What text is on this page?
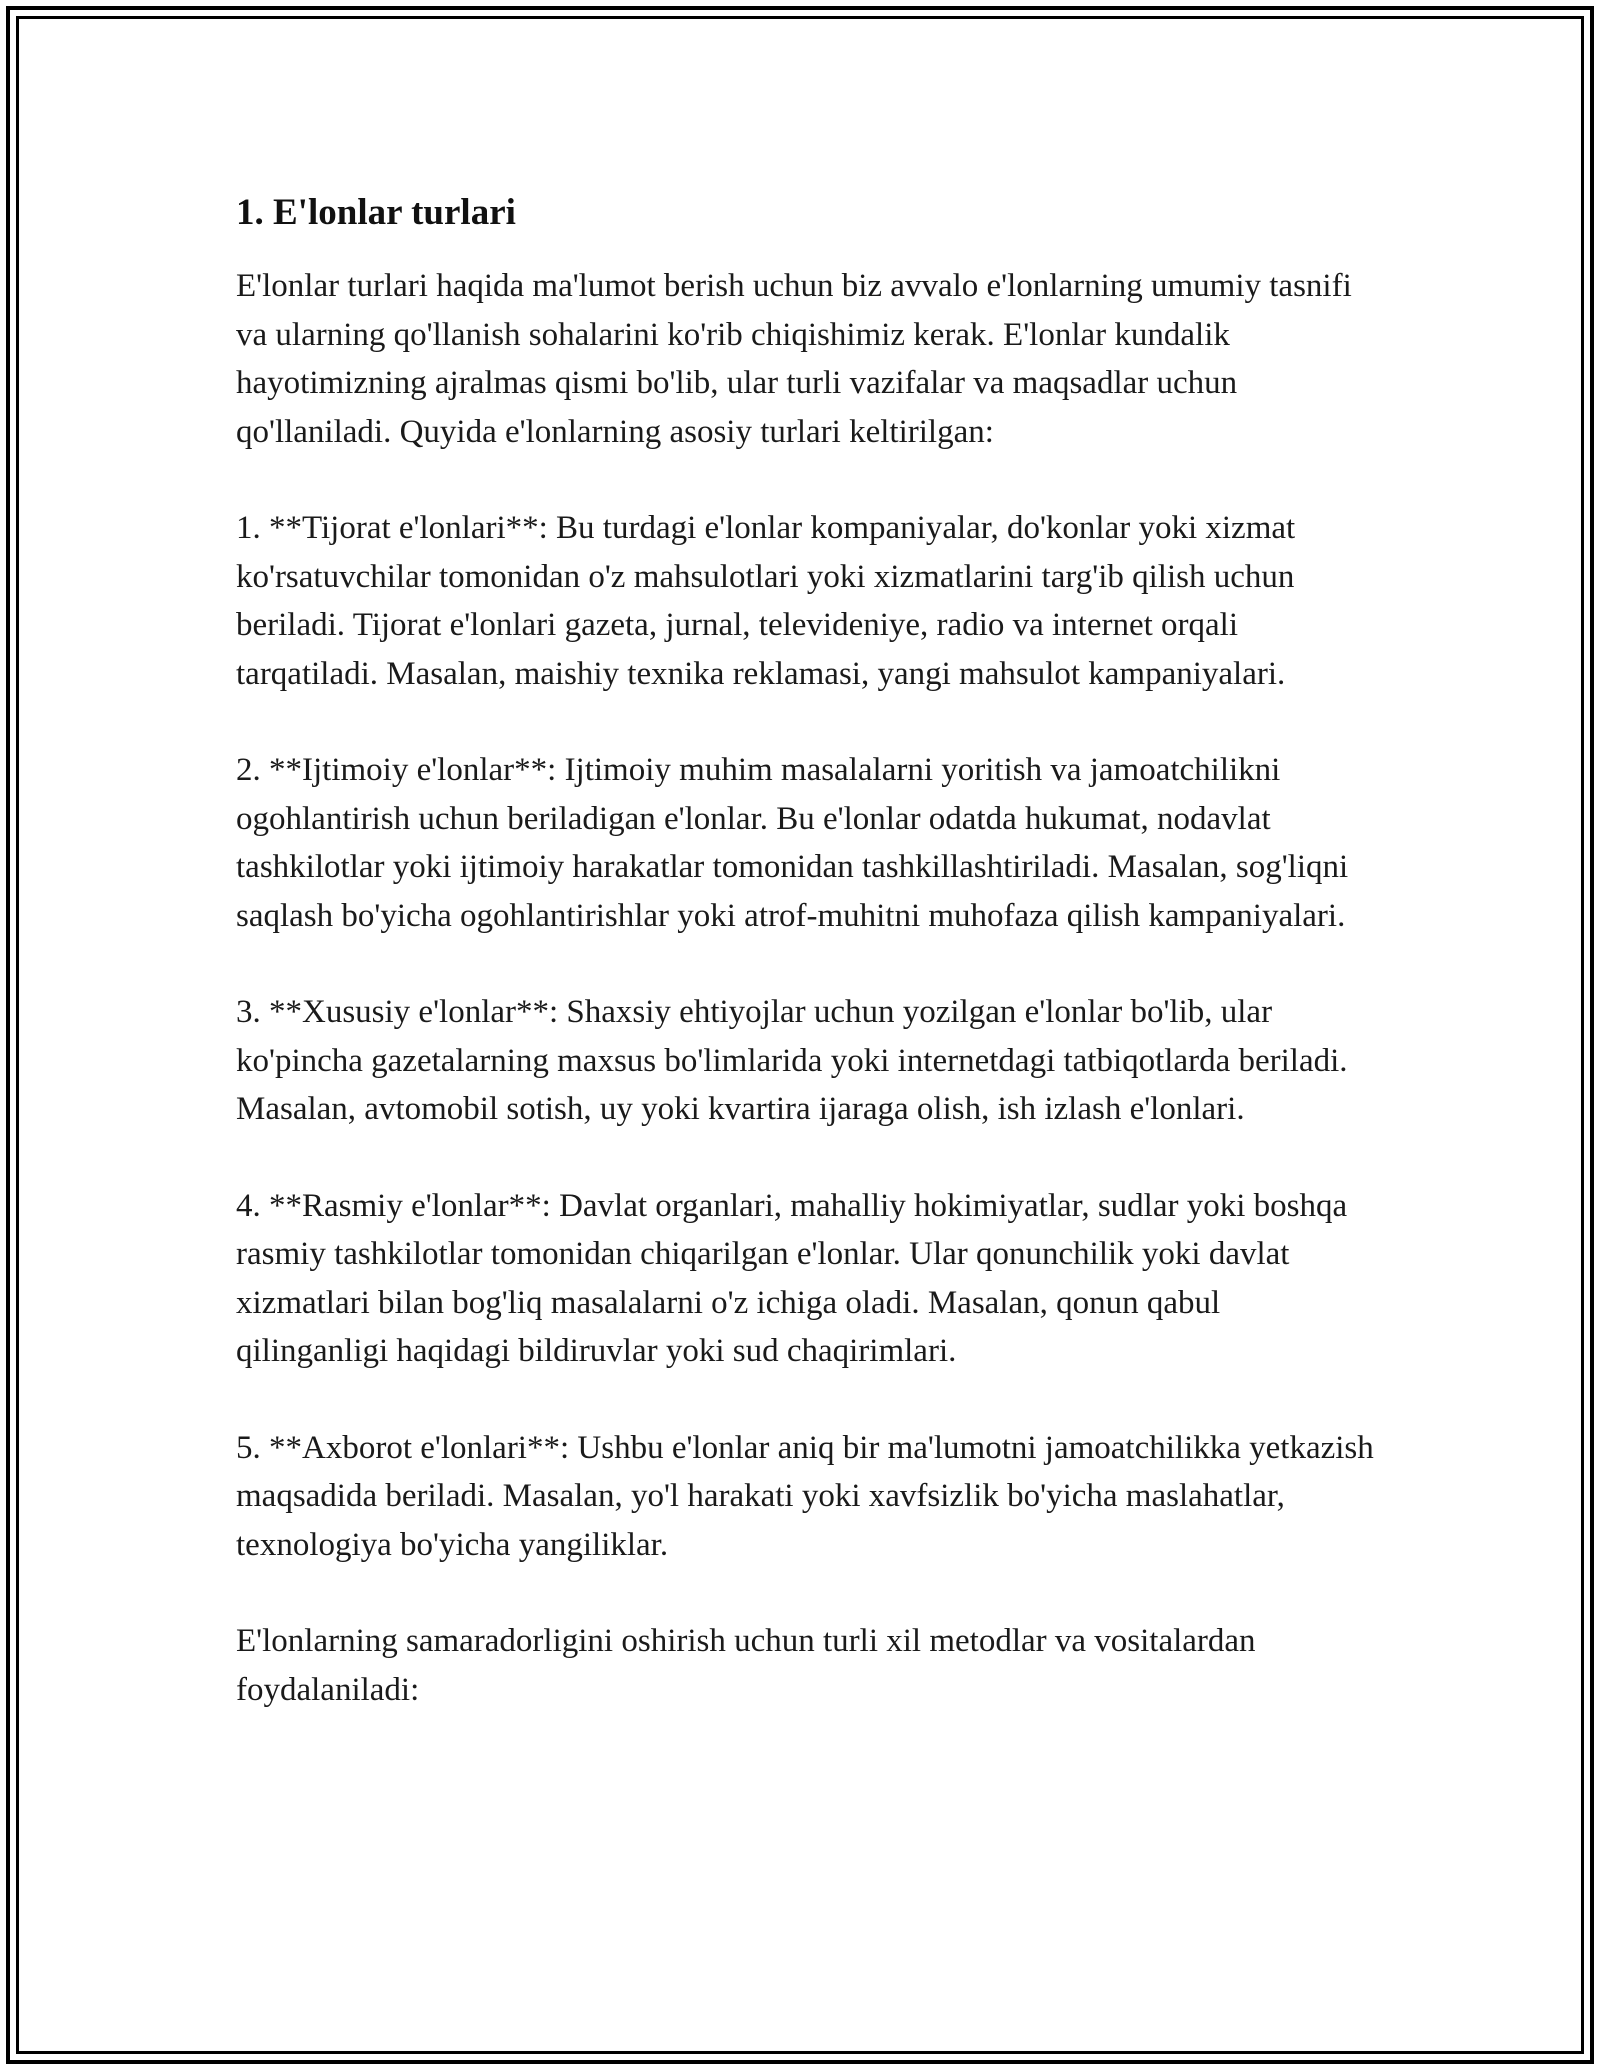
1. E'lonlar turlari

E'lonlar turlari haqida ma'lumot berish uchun biz avvalo e'lonlarning umumiy tasnifi va ularning qo'llanish sohalarini ko'rib chiqishimiz kerak. E'lonlar kundalik hayotimizning ajralmas qismi bo'lib, ular turli vazifalar va maqsadlar uchun qo'llaniladi. Quyida e'lonlarning asosiy turlari keltirilgan:

1. **Tijorat e'lonlari**: Bu turdagi e'lonlar kompaniyalar, do'konlar yoki xizmat ko'rsatuvchilar tomonidan o'z mahsulotlari yoki xizmatlarini targ'ib qilish uchun beriladi. Tijorat e'lonlari gazeta, jurnal, televideniye, radio va internet orqali tarqatiladi. Masalan, maishiy texnika reklamasi, yangi mahsulot kampaniyalari.

2. **Ijtimoiy e'lonlar**: Ijtimoiy muhim masalalarni yoritish va jamoatchilikni ogohlantirish uchun beriladigan e'lonlar. Bu e'lonlar odatda hukumat, nodavlat tashkilotlar yoki ijtimoiy harakatlar tomonidan tashkillashtiriladi. Masalan, sog'liqni saqlash bo'yicha ogohlantirishlar yoki atrof-muhitni muhofaza qilish kampaniyalari.

3. **Xususiy e'lonlar**: Shaxsiy ehtiyojlar uchun yozilgan e'lonlar bo'lib, ular ko'pincha gazetalarning maxsus bo'limlarida yoki internetdagi tatbiqotlarda beriladi. Masalan, avtomobil sotish, uy yoki kvartira ijaraga olish, ish izlash e'lonlari.

4. **Rasmiy e'lonlar**: Davlat organlari, mahalliy hokimiyatlar, sudlar yoki boshqa rasmiy tashkilotlar tomonidan chiqarilgan e'lonlar. Ular qonunchilik yoki davlat xizmatlari bilan bog'liq masalalarni o'z ichiga oladi. Masalan, qonun qabul qilinganligi haqidagi bildiruvlar yoki sud chaqirimlari.

5. **Axborot e'lonlari**: Ushbu e'lonlar aniq bir ma'lumotni jamoatchilikka yetkazish maqsadida beriladi. Masalan, yo'l harakati yoki xavfsizlik bo'yicha maslahatlar, texnologiya bo'yicha yangiliklar.

E'lonlarning samaradorligini oshirish uchun turli xil metodlar va vositalardan foydalaniladi:
